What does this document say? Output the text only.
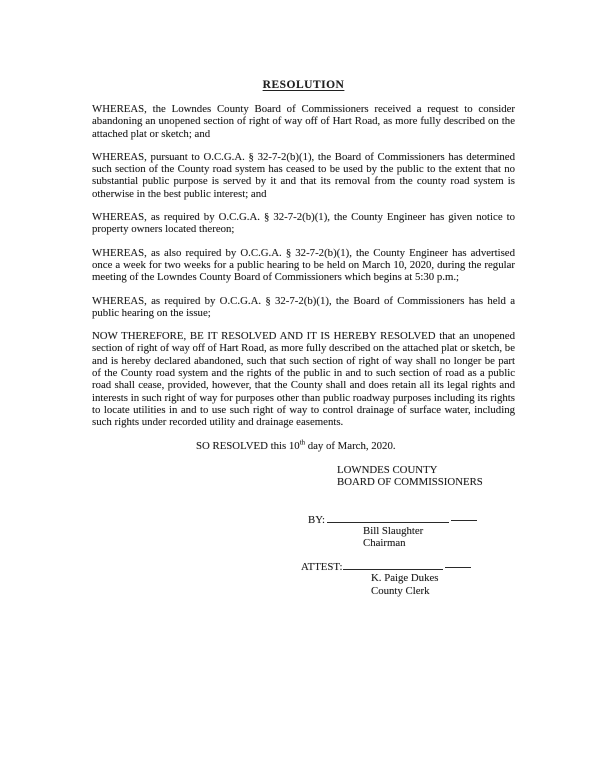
RESOLUTION

WHEREAS, the Lowndes County Board of Commissioners received a request to consider abandoning an unopened section of right of way off of Hart Road, as more fully described on the attached plat or sketch; and

WHEREAS, pursuant to O.C.G.A. § 32-7-2(b)(1), the Board of Commissioners has determined such section of the County road system has ceased to be used by the public to the extent that no substantial public purpose is served by it and that its removal from the county road system is otherwise in the best public interest; and

WHEREAS, as required by O.C.G.A. § 32-7-2(b)(1), the County Engineer has given notice to property owners located thereon;

WHEREAS, as also required by O.C.G.A. § 32-7-2(b)(1), the County Engineer has advertised once a week for two weeks for a public hearing to be held on March 10, 2020, during the regular meeting of the Lowndes County Board of Commissioners which begins at 5:30 p.m.;

WHEREAS, as required by O.C.G.A. § 32-7-2(b)(1), the Board of Commissioners has held a public hearing on the issue;

NOW THEREFORE, BE IT RESOLVED AND IT IS HEREBY RESOLVED that an unopened section of right of way off of Hart Road, as more fully described on the attached plat or sketch, be and is hereby declared abandoned, such that such section of right of way shall no longer be part of the County road system and the rights of the public in and to such section of road as a public road shall cease, provided, however, that the County shall and does retain all its legal rights and interests in such right of way for purposes other than public roadway purposes including its rights to locate utilities in and to use such right of way to control drainage of surface water, including such rights under recorded utility and drainage easements.

SO RESOLVED this 10th day of March, 2020.

LOWNDES COUNTY
BOARD OF COMMISSIONERS
BY:
Bill Slaughter
Chairman
ATTEST:
K. Paige Dukes
County Clerk
